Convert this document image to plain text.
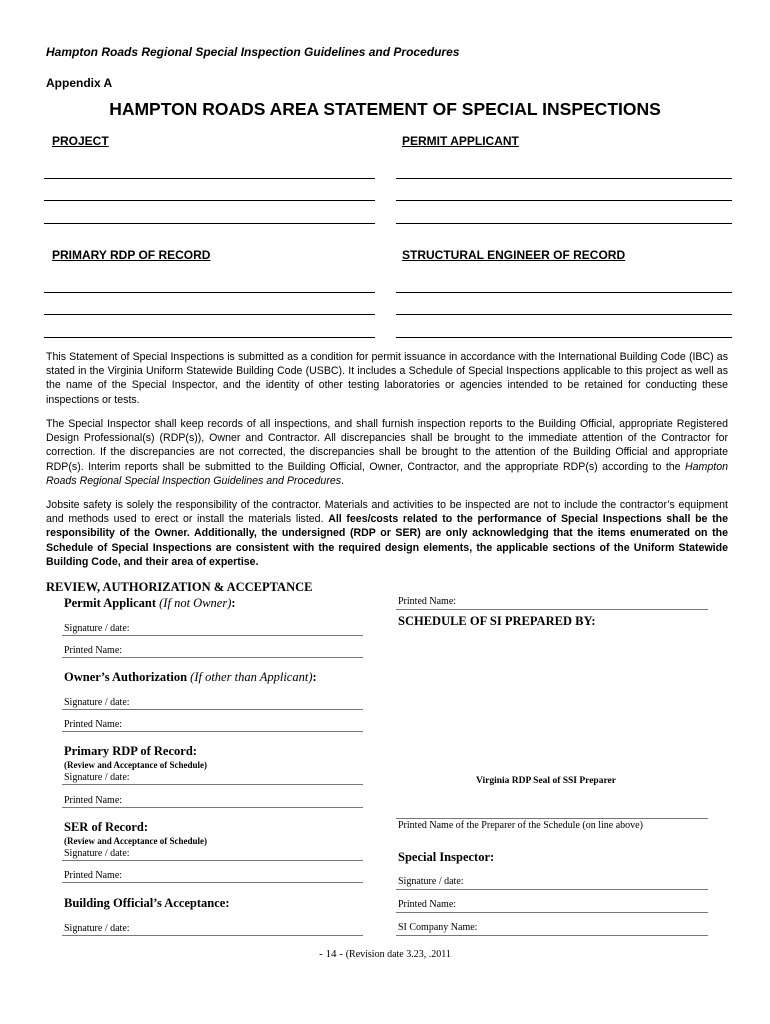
Hampton Roads Regional Special Inspection Guidelines and Procedures
Appendix A
HAMPTON ROADS AREA STATEMENT OF SPECIAL INSPECTIONS
PROJECT	PERMIT APPLICANT
PRIMARY RDP OF RECORD	STRUCTURAL ENGINEER OF RECORD

This Statement of Special Inspections is submitted as a condition for permit issuance in accordance with the International Building Code (IBC) as stated in the Virginia Uniform Statewide Building Code (USBC). It includes a Schedule of Special Inspections applicable to this project as well as the name of the Special Inspector, and the identity of other testing laboratories or agencies intended to be retained for conducting these inspections or tests.

The Special Inspector shall keep records of all inspections, and shall furnish inspection reports to the Building Official, appropriate Registered Design Professional(s) (RDP(s)), Owner and Contractor. All discrepancies shall be brought to the immediate attention of the Contractor for correction. If the discrepancies are not corrected, the discrepancies shall be brought to the attention of the Building Official and appropriate RDP(s). Interim reports shall be submitted to the Building Official, Owner, Contractor, and the appropriate RDP(s) according to the Hampton Roads Regional Special Inspection Guidelines and Procedures.

Jobsite safety is solely the responsibility of the contractor. Materials and activities to be inspected are not to include the contractor’s equipment and methods used to erect or install the materials listed. All fees/costs related to the performance of Special Inspections shall be the responsibility of the Owner. Additionally, the undersigned (RDP or SER) are only acknowledging that the items enumerated on the Schedule of Special Inspections are consistent with the required design elements, the applicable sections of the Uniform Statewide Building Code, and their area of expertise.

REVIEW, AUTHORIZATION & ACCEPTANCE
Permit Applicant (If not Owner):
Signature / date:
Printed Name:
Owner’s Authorization (If other than Applicant):
Signature / date:
Printed Name:
Primary RDP of Record:
(Review and Acceptance of Schedule)
Signature / date:
Printed Name:
SER of Record:
(Review and Acceptance of Schedule)
Signature / date:
Printed Name:
Building Official’s Acceptance:
Signature / date:
Printed Name:
SCHEDULE OF SI PREPARED BY:
Virginia RDP Seal of SSI Preparer
Printed Name of the Preparer of the Schedule (on line above)
Special Inspector:
Signature / date:
Printed Name:
SI Company Name:
- 14 - (Revision date 3.23, .2011
